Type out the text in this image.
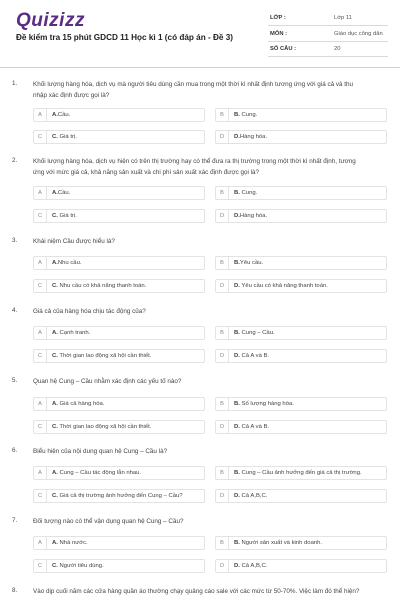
Quizizz
Đề kiểm tra 15 phút GDCD 11 Học kì 1 (có đáp án - Đề 3)
LỚP :	Lớp 11
MÔN :	Giáo dục công dân
SỐ CÂU :	20
1. Khối lượng hàng hóa, dịch vụ mà người tiêu dùng cần mua trong một thời kì nhất định tương ứng với giá cả và thu
nhập xác định được gọi là?
A	A.Cầu.	B	B. Cung.
C	C. Giá trị.	D	D.Hàng hóa.
2. Khối lượng hàng hóa, dịch vụ hiện có trên thị trường hay có thể đưa ra thị trường trong một thời kì nhất định, tương
ứng với mức giá cả, khả năng sản xuất và chi phí sản xuất xác định được gọi là?
A	A.Cầu.	B	B. Cung.
C	C. Giá trị.	D	D.Hàng hóa.
3. Khái niệm Cầu được hiểu là?
A	A.Nhu cầu.	B	B.Yêu cầu.
C	C. Nhu cầu có khả năng thanh toán.	D	D. Yêu cầu có khả năng thanh toán.
4. Giá cả của hàng hóa chịu tác động của?
A	A. Cạnh tranh.	B	B. Cung – Cầu.
C	C. Thời gian lao động xã hội cần thiết.	D	D. Cả A và B.
5. Quan hệ Cung – Cầu nhằm xác định các yếu tố nào?
A	A. Giá cả hàng hóa.	B	B. Số lượng hàng hóa.
C	C. Thời gian lao động xã hội cần thiết.	D	D. Cả A và B.
6. Biểu hiện của nội dung quan hệ Cung – Cầu là?
A	A. Cung – Cầu tác động lẫn nhau.	B	B. Cung – Cầu ảnh hưởng đến giá cả thị trường.
C	C. Giá cả thị trường ảnh hưởng đến Cung – Cầu?	D	D. Cả A,B,C.
7. Đối tượng nào có thể vận dụng quan hệ Cung – Cầu?
A	A. Nhà nước.	B	B. Người sản xuất và kinh doanh.
C	C. Người tiêu dùng.	D	D. Cả A,B,C.
8. Vào dịp cuối năm các cửa hàng quần áo thường chạy quảng cáo sale với các mức từ 50-70%. Việc làm đó thể hiện?
